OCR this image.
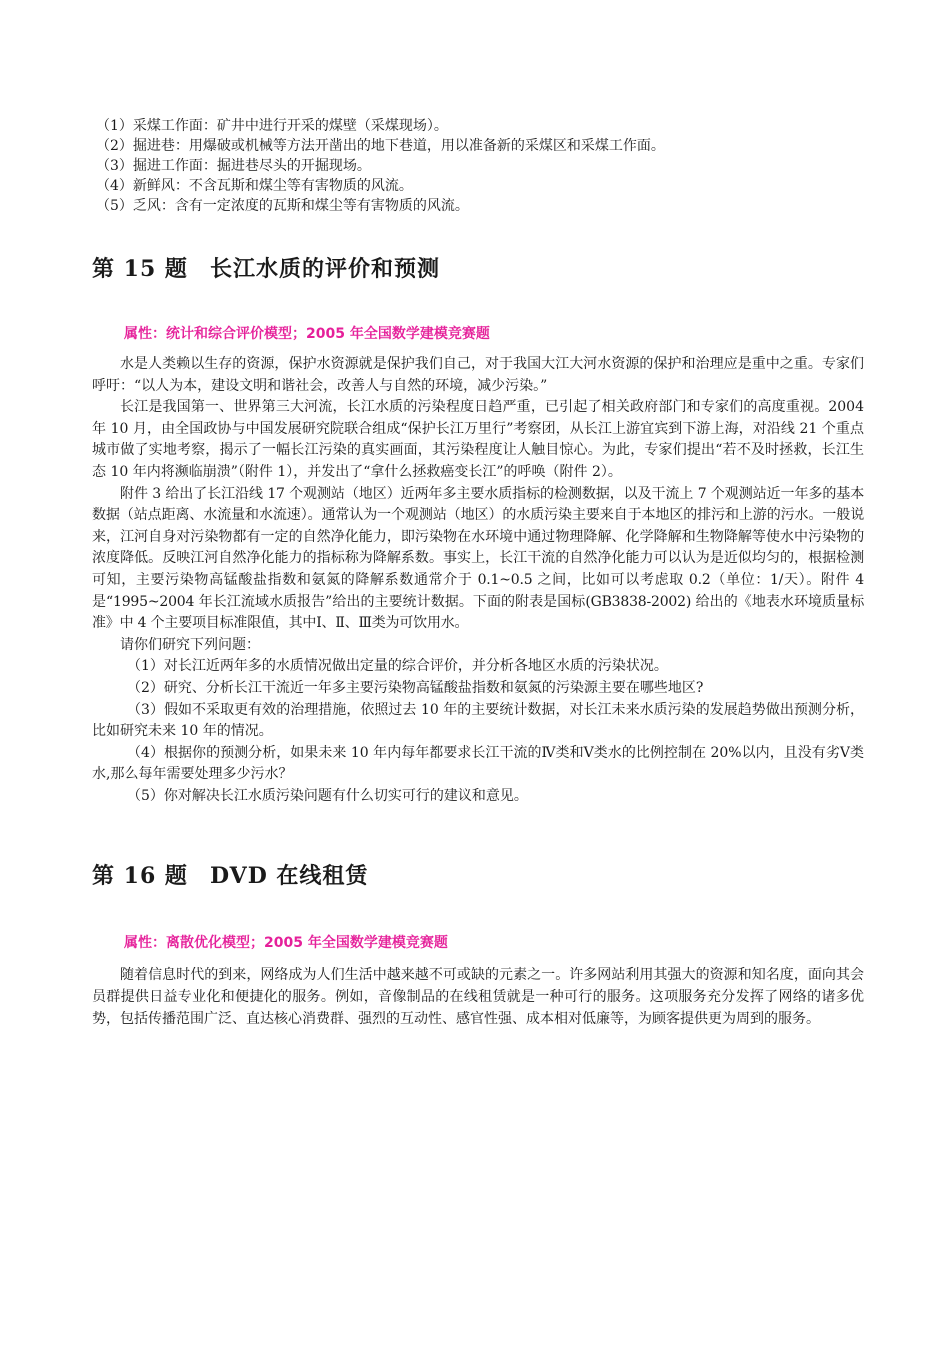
（1）采煤工作面：矿井中进行开采的煤壁（采煤现场）。
（2）掘进巷：用爆破或机械等方法开凿出的地下巷道，用以准备新的采煤区和采煤工作面。
（3）掘进工作面：掘进巷尽头的开掘现场。
（4）新鲜风：不含瓦斯和煤尘等有害物质的风流。
（5）乏风：含有一定浓度的瓦斯和煤尘等有害物质的风流。
第 15 题 长江水质的评价和预测

属性：统计和综合评价模型；2005 年全国数学建模竞赛题

水是人类赖以生存的资源，保护水资源就是保护我们自己，对于我国大江大河水资源的保护和治理应是重中之重。专家们呼吁：“以人为本，建设文明和谐社会，改善人与自然的环境，减少污染。”

长江是我国第一、世界第三大河流，长江水质的污染程度日趋严重，已引起了相关政府部门和专家们的高度重视。2004 年 10 月，由全国政协与中国发展研究院联合组成“保护长江万里行”考察团，从长江上游宜宾到下游上海，对沿线 21 个重点城市做了实地考察，揭示了一幅长江污染的真实画面，其污染程度让人触目惊心。为此，专家们提出“若不及时拯救，长江生态 10 年内将濒临崩溃”（附件 1），并发出了“拿什么拯救癌变长江”的呼唤（附件 2）。

附件 3 给出了长江沿线 17 个观测站（地区）近两年多主要水质指标的检测数据，以及干流上 7 个观测站近一年多的基本数据（站点距离、水流量和水流速）。通常认为一个观测站（地区）的水质污染主要来自于本地区的排污和上游的污水。一般说来，江河自身对污染物都有一定的自然净化能力，即污染物在水环境中通过物理降解、化学降解和生物降解等使水中污染物的浓度降低。反映江河自然净化能力的指标称为降解系数。事实上，长江干流的自然净化能力可以认为是近似均匀的，根据检测可知，主要污染物高锰酸盐指数和氨氮的降解系数通常介于 0.1~0.5 之间，比如可以考虑取 0.2（单位：1/天）。附件 4 是“1995~2004 年长江流域水质报告”给出的主要统计数据。下面的附表是国标(GB3838-2002) 给出的《地表水环境质量标准》中 4 个主要项目标准限值，其中Ⅰ、Ⅱ、Ⅲ类为可饮用水。

请你们研究下列问题：

（1）对长江近两年多的水质情况做出定量的综合评价，并分析各地区水质的污染状况。

（2）研究、分析长江干流近一年多主要污染物高锰酸盐指数和氨氮的污染源主要在哪些地区?

（3）假如不采取更有效的治理措施，依照过去 10 年的主要统计数据，对长江未来水质污染的发展趋势做出预测分析，比如研究未来 10 年的情况。

（4）根据你的预测分析，如果未来 10 年内每年都要求长江干流的Ⅳ类和Ⅴ类水的比例控制在 20%以内，且没有劣Ⅴ类水,那么每年需要处理多少污水？

（5）你对解决长江水质污染问题有什么切实可行的建议和意见。

第 16 题 DVD 在线租赁

属性：离散优化模型；2005 年全国数学建模竞赛题

随着信息时代的到来，网络成为人们生活中越来越不可或缺的元素之一。许多网站利用其强大的资源和知名度，面向其会员群提供日益专业化和便捷化的服务。例如，音像制品的在线租赁就是一种可行的服务。这项服务充分发挥了网络的诸多优势，包括传播范围广泛、直达核心消费群、强烈的互动性、感官性强、成本相对低廉等，为顾客提供更为周到的服务。
